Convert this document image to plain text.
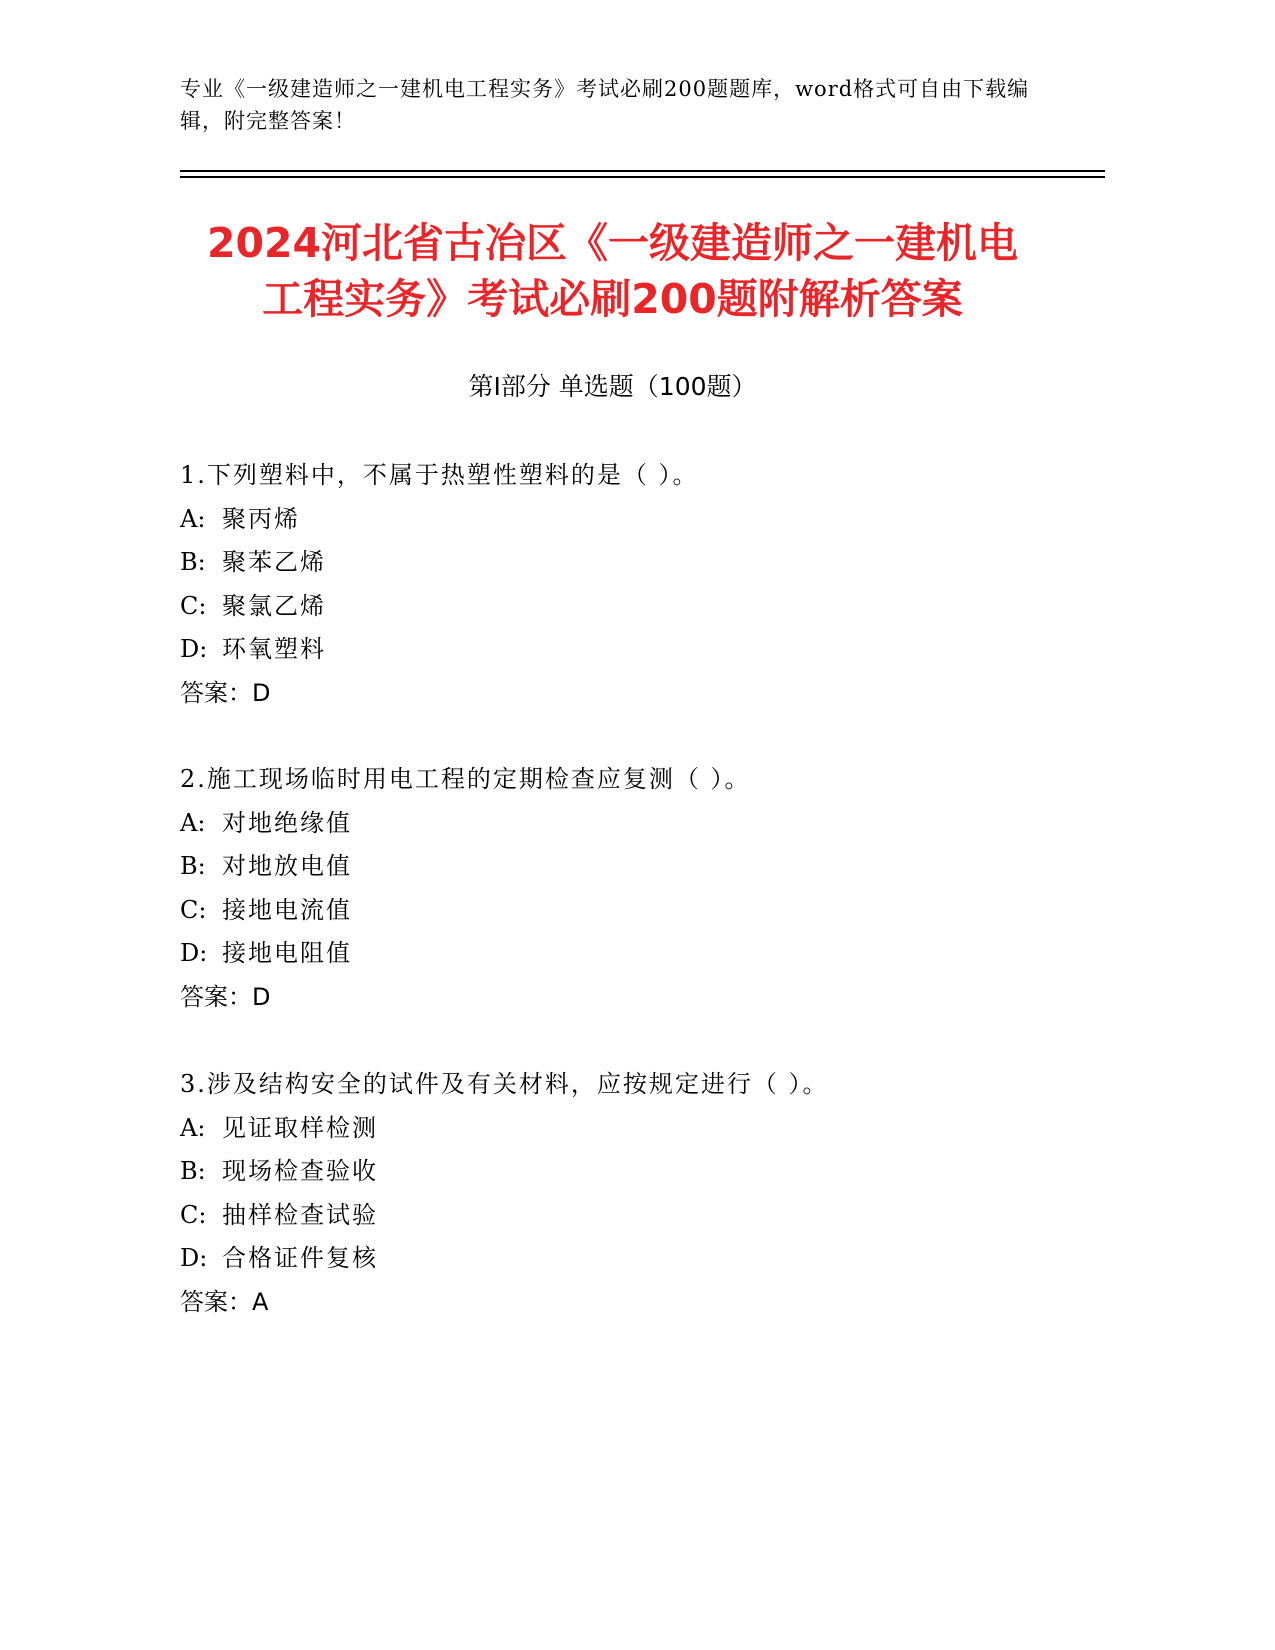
专业《一级建造师之一建机电工程实务》考试必刷200题题库，word格式可自由下载编辑，附完整答案！
2024河北省古冶区《一级建造师之一建机电
工程实务》考试必刷200题附解析答案
第Ⅰ部分 单选题（100题）
1.下列塑料中，不属于热塑性塑料的是（ ）。
A: 聚丙烯
B: 聚苯乙烯
C: 聚氯乙烯
D: 环氧塑料
答案：D
2.施工现场临时用电工程的定期检查应复测（ ）。
A: 对地绝缘值
B: 对地放电值
C: 接地电流值
D: 接地电阻值
答案：D
3.涉及结构安全的试件及有关材料，应按规定进行（ ）。
A: 见证取样检测
B: 现场检查验收
C: 抽样检查试验
D: 合格证件复核
答案：A
